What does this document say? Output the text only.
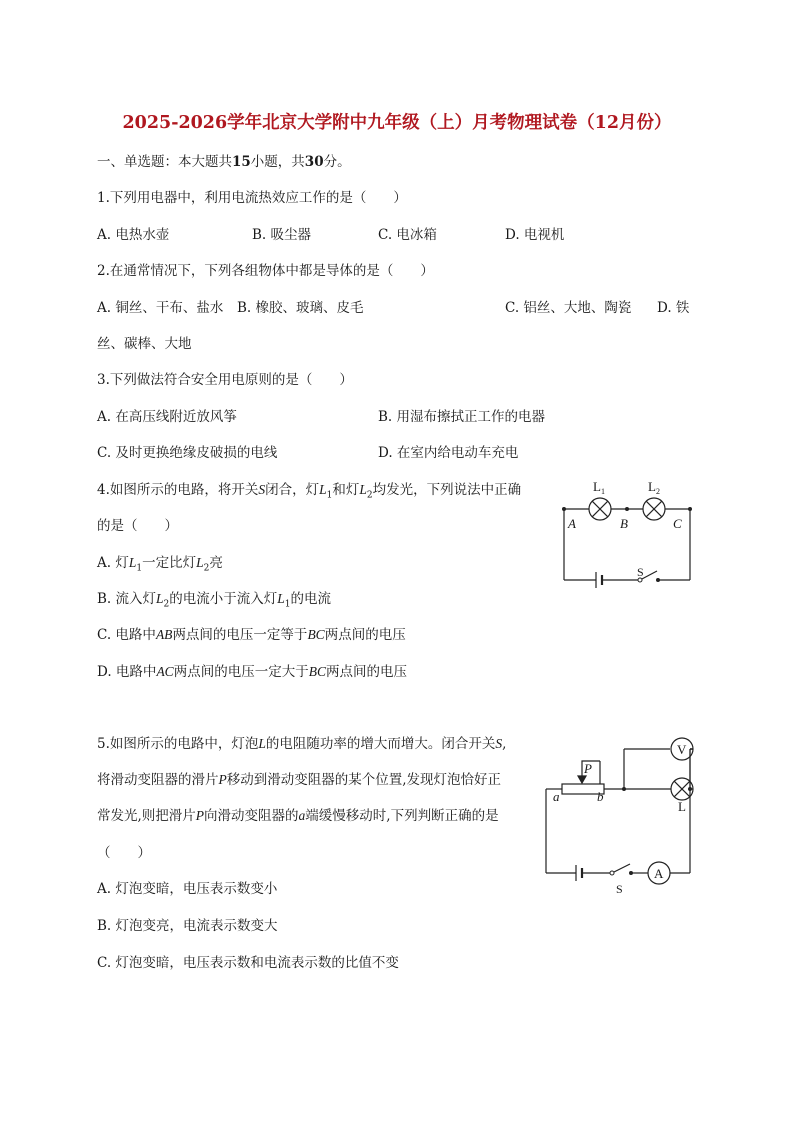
2025-2026学年北京大学附中九年级（上）月考物理试卷（12月份）
一、单选题：本大题共15小题，共30分。
1.下列用电器中，利用电流热效应工作的是（　　）
A. 电热水壶	B. 吸尘器	C. 电冰箱	D. 电视机
2.在通常情况下，下列各组物体中都是导体的是（　　）
A. 铜丝、干布、盐水 B. 橡胶、玻璃、皮毛	C. 铝丝、大地、陶瓷 D. 铁
丝、碳棒、大地
3.下列做法符合安全用电原则的是（　　）
A. 在高压线附近放风筝	B. 用湿布擦拭正工作的电器
C. 及时更换绝缘皮破损的电线	D. 在室内给电动车充电
4.如图所示的电路，将开关S闭合，灯$L_1$和灯$L_2$均发光，下列说法中正确
的是（　　）
A. 灯$L_1$一定比灯$L_2$亮
B. 流入灯$L_2$的电流小于流入灯$L_1$的电流
C. 电路中AB两点间的电压一定等于BC两点间的电压
D. 电路中AC两点间的电压一定大于BC两点间的电压
$L_1$	$L_2$
A	B	C
S
5.如图所示的电路中，灯泡L的电阻随功率的增大而增大。闭合开关S,
将滑动变阻器的滑片P移动到滑动变阻器的某个位置,发现灯泡恰好正
常发光,则把滑片P向滑动变阻器的a端缓慢移动时,下列判断正确的是
（　　）
A. 灯泡变暗，电压表示数变小
B. 灯泡变亮，电流表示数变大
C. 灯泡变暗，电压表示数和电流表示数的比值不变
V
A
P
a	b
L
S
